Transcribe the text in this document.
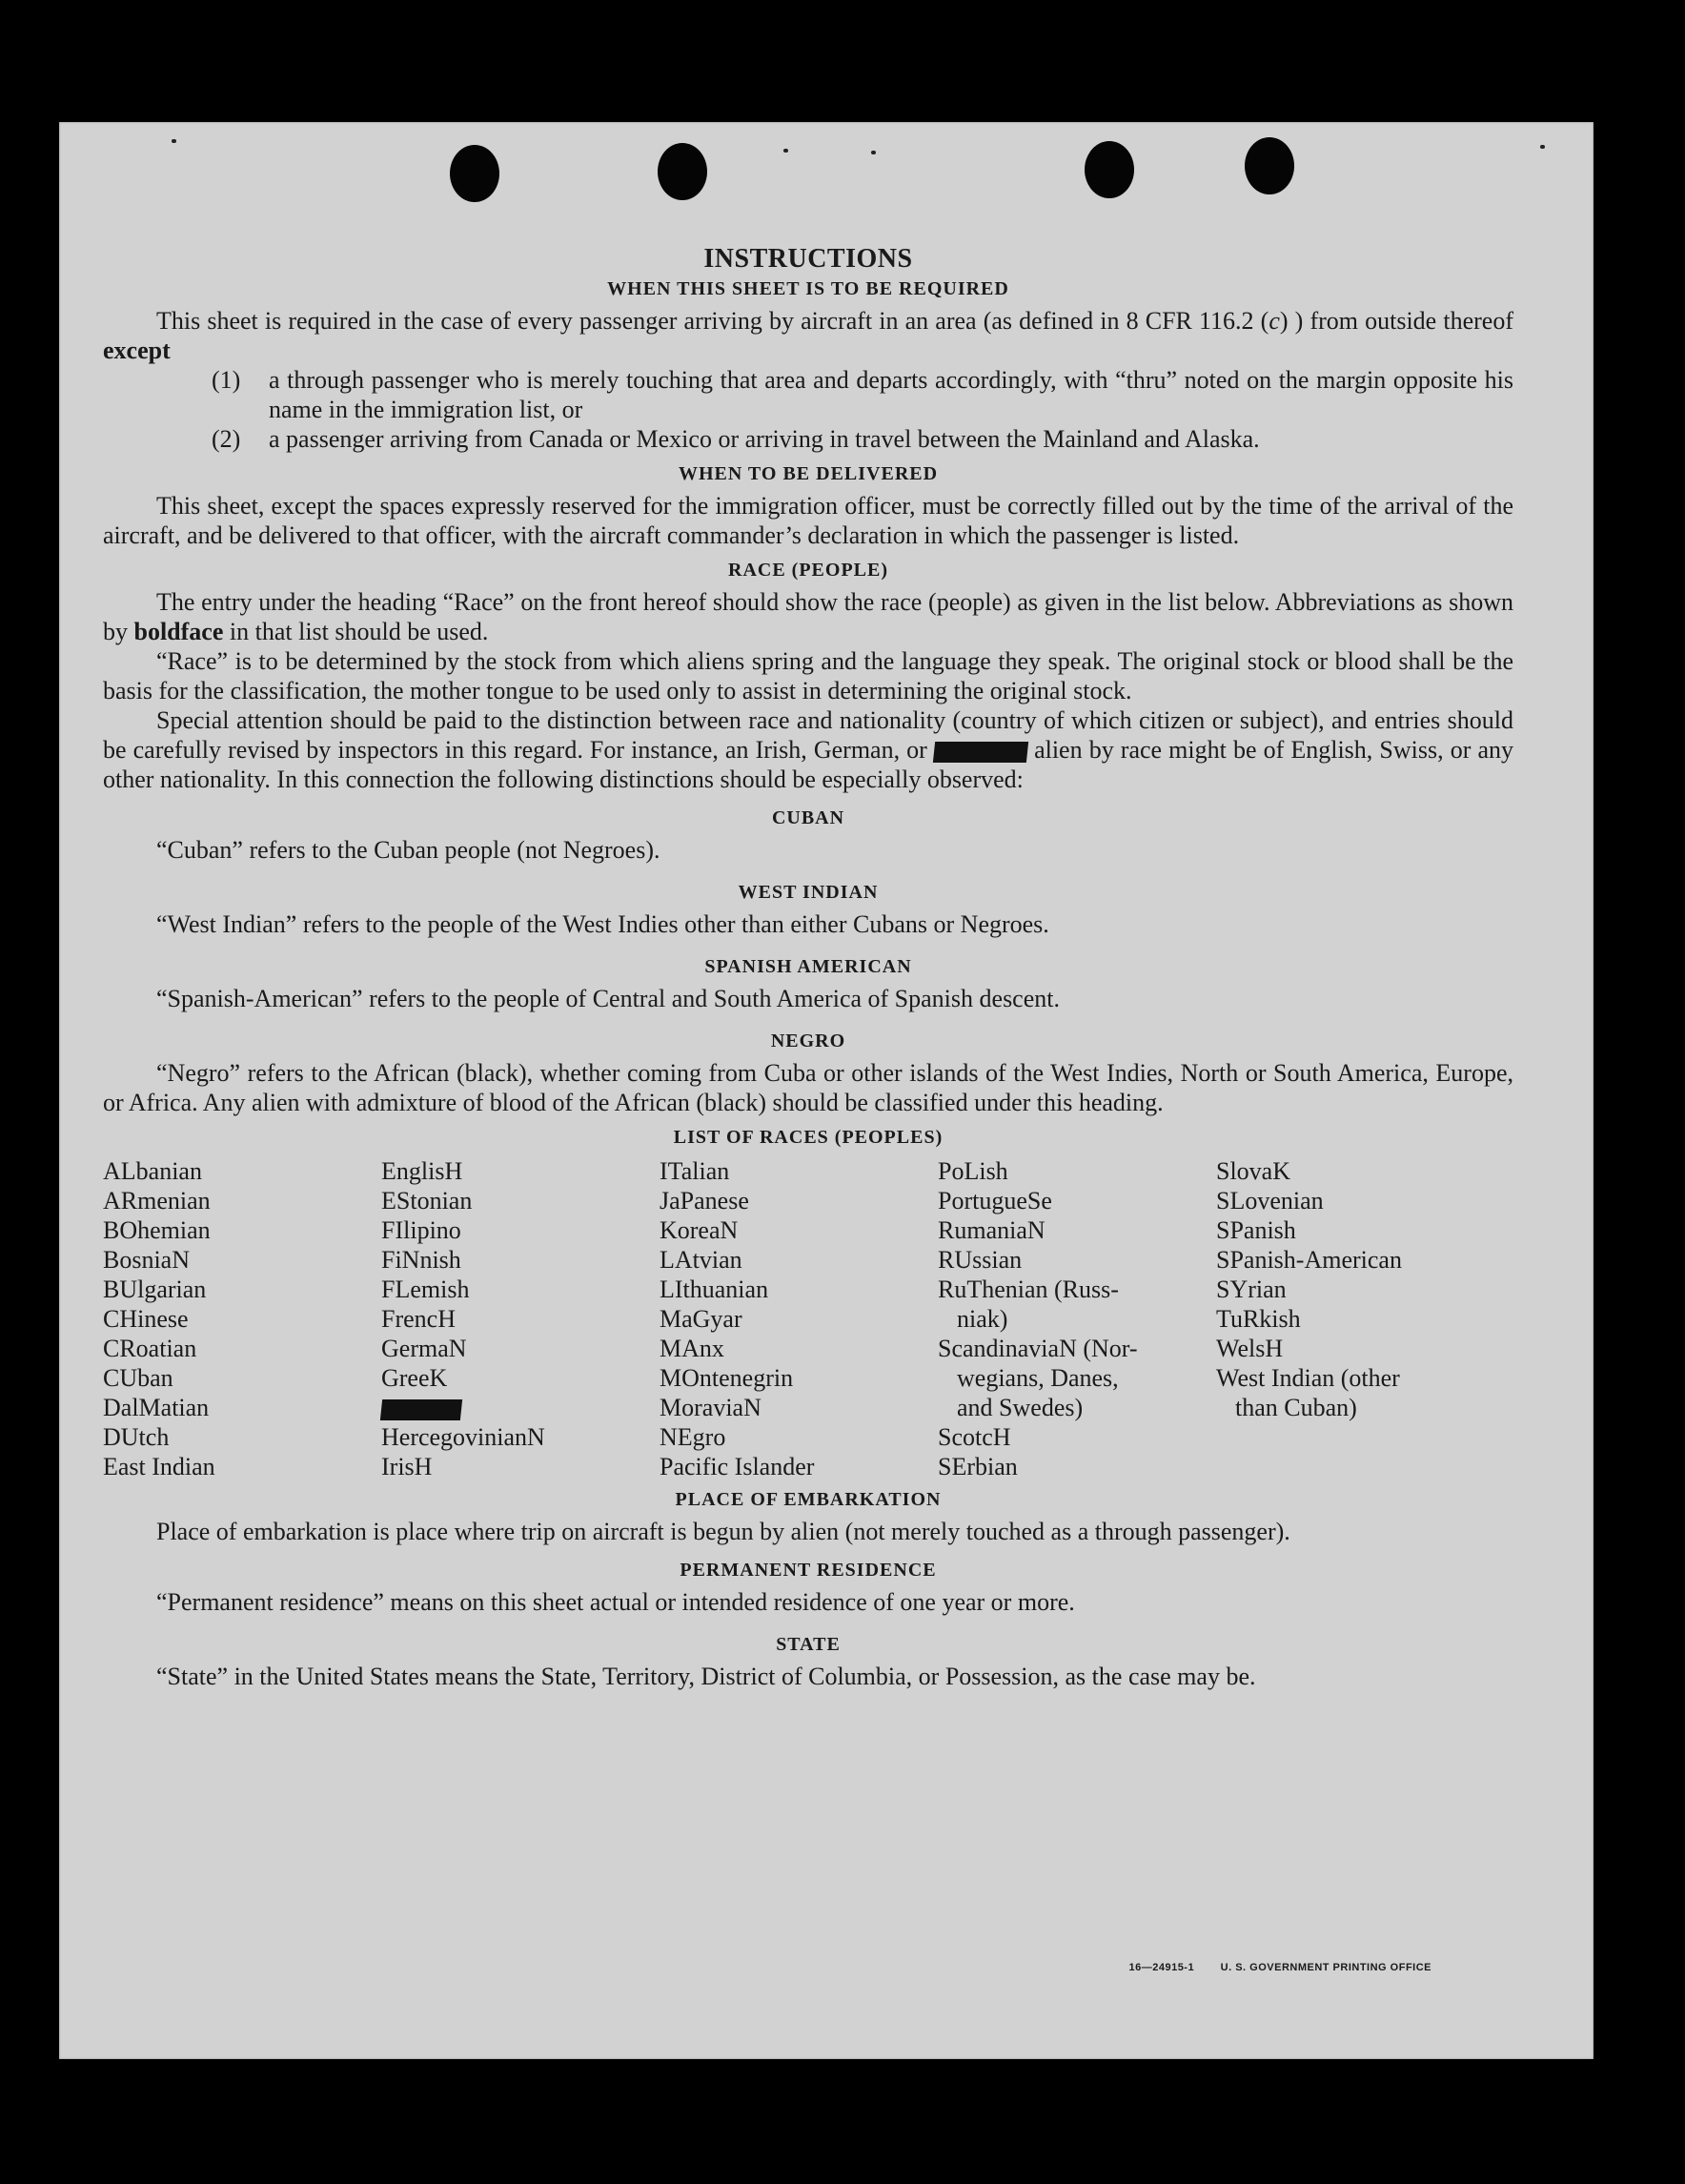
INSTRUCTIONS
WHEN THIS SHEET IS TO BE REQUIRED

This sheet is required in the case of every passenger arriving by aircraft in an area (as defined in 8 CFR 116.2 (c) ) from outside thereof except

(1) a through passenger who is merely touching that area and departs accordingly, with “thru” noted on the margin opposite his name in the immigration list, or
(2) a passenger arriving from Canada or Mexico or arriving in travel between the Mainland and Alaska.
WHEN TO BE DELIVERED

This sheet, except the spaces expressly reserved for the immigration officer, must be correctly filled out by the time of the arrival of the aircraft, and be delivered to that officer, with the aircraft commander’s declaration in which the passenger is listed.

RACE (PEOPLE)

The entry under the heading “Race” on the front hereof should show the race (people) as given in the list below. Abbreviations as shown by boldface in that list should be used.

“Race” is to be determined by the stock from which aliens spring and the language they speak. The original stock or blood shall be the basis for the classification, the mother tongue to be used only to assist in determining the original stock.

Special attention should be paid to the distinction between race and nationality (country of which citizen or subject), and entries should be carefully revised by inspectors in this regard. For instance, an Irish, German, or	alien by race might be of English, Swiss, or any other nationality. In this connection the following distinctions should be especially observed:

CUBAN

“Cuban” refers to the Cuban people (not Negroes).

WEST INDIAN

“West Indian” refers to the people of the West Indies other than either Cubans or Negroes.

SPANISH AMERICAN

“Spanish-American” refers to the people of Central and South America of Spanish descent.

NEGRO

“Negro” refers to the African (black), whether coming from Cuba or other islands of the West Indies, North or South America, Europe, or Africa. Any alien with admixture of blood of the African (black) should be classified under this heading.

LIST OF RACES (PEOPLES)
ALbanian
ARmenian
BOhemian
BosniaN
BUlgarian
CHinese
CRoatian
CUban
DalMatian
DUtch
East Indian
EnglisH
EStonian
FIlipino
FiNnish
FLemish
FrencH
GermaN
GreeK
HercegovinianN
IrisH
ITalian
JaPanese
KoreaN
LAtvian
LIthuanian
MaGyar
MAnx
MOntenegrin
MoraviaN
NEgro
Pacific Islander
PoLish
PortugueSe
RumaniaN
RUssian
RuThenian (Russ-
niak)
ScandinaviaN (Nor-
wegians, Danes,
and Swedes)
ScotcH
SErbian
SlovaK
SLovenian
SPanish
SPanish-American
SYrian
TuRkish
WelsH
West Indian (other
than Cuban)
PLACE OF EMBARKATION

Place of embarkation is place where trip on aircraft is begun by alien (not merely touched as a through passenger).

PERMANENT RESIDENCE

“Permanent residence” means on this sheet actual or intended residence of one year or more.

STATE

“State” in the United States means the State, Territory, District of Columbia, or Possession, as the case may be.

16—24915-1	U. S. GOVERNMENT PRINTING OFFICE
